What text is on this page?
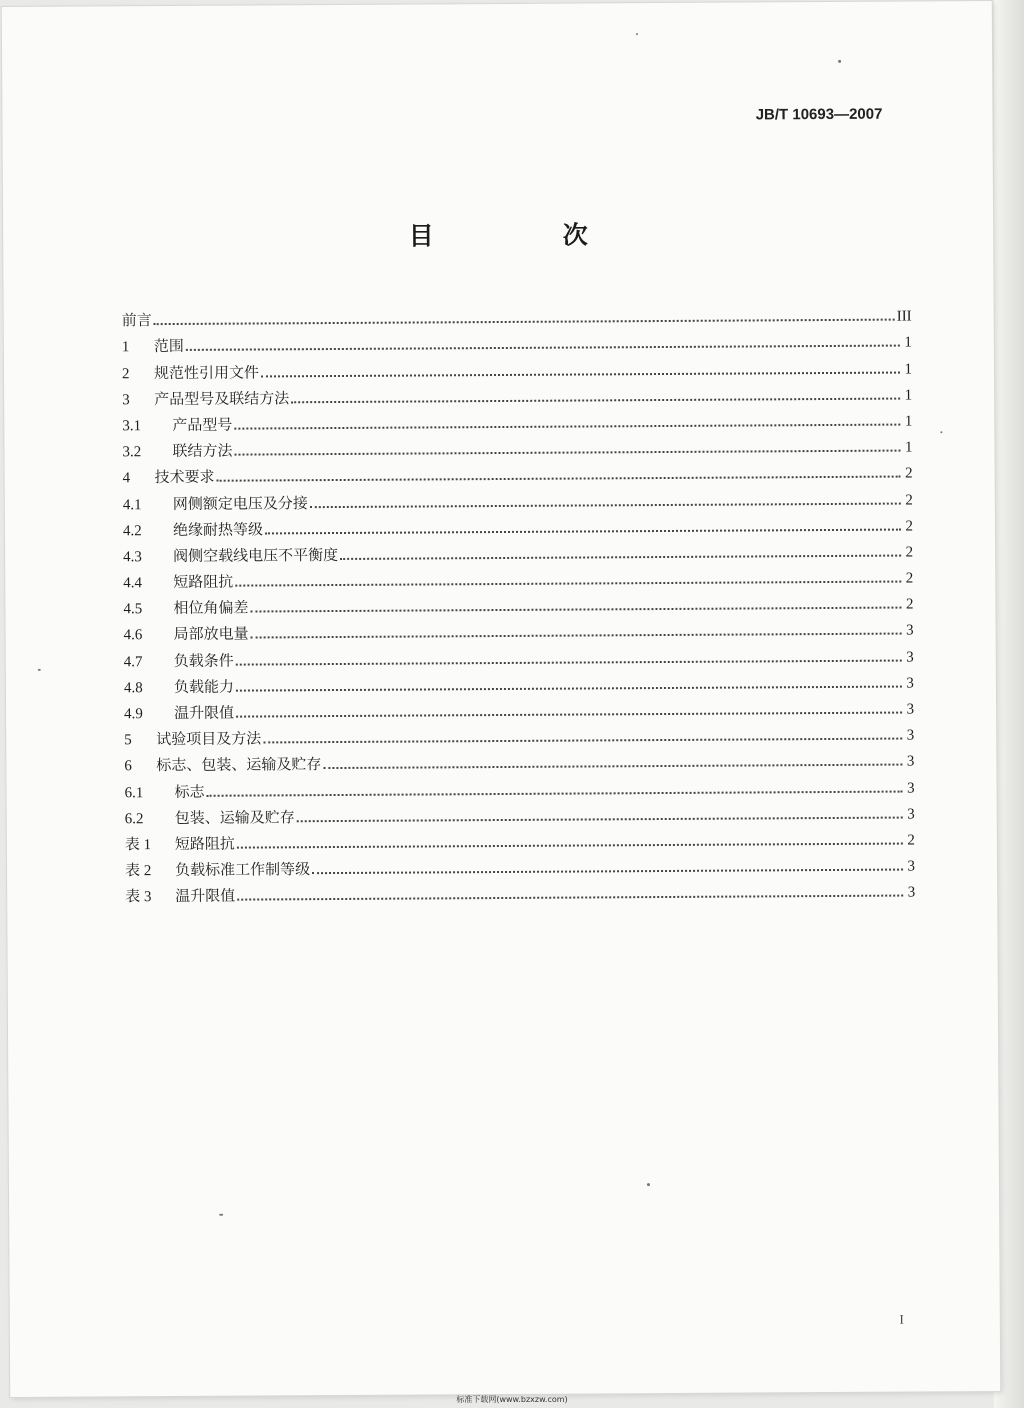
JB/T 10693—2007
目　次
前言	III
1	范围	1
2	规范性引用文件	1
3	产品型号及联结方法	1
3.1	产品型号	1
3.2	联结方法	1
4	技术要求	2
4.1	网侧额定电压及分接	2
4.2	绝缘耐热等级	2
4.3	阀侧空载线电压不平衡度	2
4.4	短路阻抗	2
4.5	相位角偏差	2
4.6	局部放电量	3
4.7	负载条件	3
4.8	负载能力	3
4.9	温升限值	3
5	试验项目及方法	3
6	标志、包装、运输及贮存	3
6.1	标志	3
6.2	包装、运输及贮存	3
表 1	短路阻抗	2
表 2	负载标准工作制等级	3
表 3	温升限值	3
I
标准下载网(www.bzxzw.com)
